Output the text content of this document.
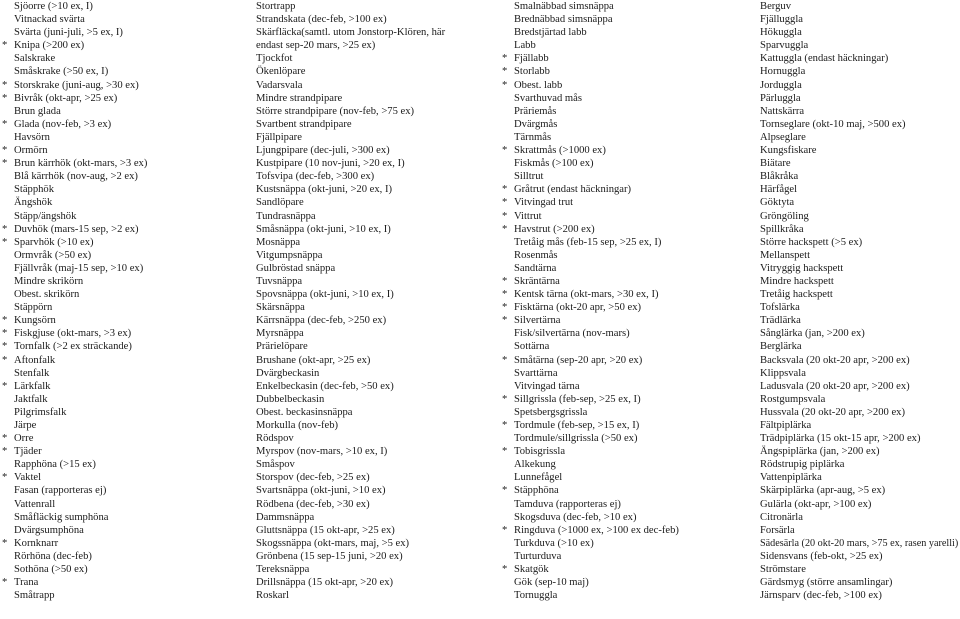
Sjöorre (>10 ex, I)
Vitnackad svärta
Svärta (juni-juli, >5 ex, I)
* Knipa (>200 ex)
Salskrake
Småskrake (>50 ex, I)
* Storskrake (juni-aug, >30 ex)
* Bivråk (okt-apr, >25 ex)
Brun glada
* Glada (nov-feb, >3 ex)
Havsörn
* Ormörn
* Brun kärrhök (okt-mars, >3 ex)
Blå kärrhök (nov-aug, >2 ex)
Stäpphök
Ängshök
Stäpp/ängshök
* Duvhök (mars-15 sep, >2 ex)
* Sparvhök (>10 ex)
Ormvråk (>50 ex)
Fjällvråk (maj-15 sep, >10 ex)
Mindre skrikörn
Obest. skrikörn
Stäppörn
* Kungsörn
* Fiskgjuse (okt-mars, >3 ex)
* Tornfalk (>2 ex sträckande)
* Aftonfalk
Stenfalk
* Lärkfalk
Jaktfalk
Pilgrimsfalk
Järpe
* Orre
* Tjäder
Rapphöna (>15 ex)
* Vaktel
Fasan (rapporteras ej)
Vattenrall
Småfläckig sumphöna
Dvärgsumphöna
* Kornknarr
Rörhöna (dec-feb)
Sothöna (>50 ex)
* Trana
Småtrapp
Stortrapp
Strandskata (dec-feb, >100 ex)
Skärfläcka(samtl. utom Jonstorp-Klören, här
endast sep-20 mars, >25 ex)
Tjockfot
Ökenlöpare
Vadarsvala
Mindre strandpipare
Större strandpipare (nov-feb, >75 ex)
Svartbent strandpipare
Fjällpipare
Ljungpipare (dec-juli, >300 ex)
Kustpipare (10 nov-juni, >20 ex, I)
Tofsvipa (dec-feb, >300 ex)
Kustsnäppa (okt-juni, >20 ex, I)
Sandlöpare
Tundrasnäppa
Småsnäppa (okt-juni, >10 ex, I)
Mosnäppa
Vitgumpsnäppa
Gulbröstad snäppa
Tuvsnäppa
Spovsnäppa (okt-juni, >10 ex, I)
Skärsnäppa
Kärrsnäppa (dec-feb, >250 ex)
Myrsnäppa
Prärielöpare
Brushane (okt-apr, >25 ex)
Dvärgbeckasin
Enkelbeckasin (dec-feb, >50 ex)
Dubbelbeckasin
Obest. beckasinsnäppa
Morkulla (nov-feb)
Rödspov
Myrspov (nov-mars, >10 ex, I)
Småspov
Storspov (dec-feb, >25 ex)
Svartsnäppa (okt-juni, >10 ex)
Rödbena (dec-feb, >30 ex)
Dammsnäppa
Gluttsnäppa (15 okt-apr, >25 ex)
Skogssnäppa (okt-mars, maj, >5 ex)
Grönbena (15 sep-15 juni, >20 ex)
Tereksnäppa
Drillsnäppa (15 okt-apr, >20 ex)
Roskarl
Smalnäbbad simsnäppa
Brednäbbad simsnäppa
Bredstjärtad labb
Labb
* Fjällabb
* Storlabb
* Obest. labb
Svarthuvad mås
Präriemås
Dvärgmås
Tärnmås
* Skrattmås (>1000 ex)
Fiskmås (>100 ex)
Silltrut
* Gråtrut (endast häckningar)
* Vitvingad trut
* Vittrut
* Havstrut (>200 ex)
Tretåig mås (feb-15 sep, >25 ex, I)
Rosenmås
Sandtärna
* Skräntärna
* Kentsk tärna (okt-mars, >30 ex, I)
* Fisktärna (okt-20 apr, >50 ex)
* Silvertärna
Fisk/silvertärna (nov-mars)
Sottärna
* Småtärna (sep-20 apr, >20 ex)
Svarttärna
Vitvingad tärna
* Sillgrissla (feb-sep, >25 ex, I)
Spetsbergsgrissla
* Tordmule (feb-sep, >15 ex, I)
Tordmule/sillgrissla (>50 ex)
* Tobisgrissla
Alkekung
Lunnefågel
* Stäpphöna
Tamduva (rapporteras ej)
Skogsduva (dec-feb, >10 ex)
* Ringduva (>1000 ex, >100 ex dec-feb)
Turkduva (>10 ex)
Turturduva
* Skatgök
Gök (sep-10 maj)
Tornuggla
Berguv
Fjälluggla
Hökuggla
Sparvuggla
Kattuggla (endast häckningar)
Hornuggla
Jorduggla
Pärluggla
Nattskärra
Tornseglare (okt-10 maj, >500 ex)
Alpseglare
Kungsfiskare
Biätare
Blåkråka
Härfågel
Göktyta
Gröngöling
Spillkråka
Större hackspett (>5 ex)
Mellanspett
Vitryggig hackspett
Mindre hackspett
Tretåig hackspett
Tofslärka
Trädlärka
Sånglärka (jan, >200 ex)
Berglärka
Backsvala (20 okt-20 apr, >200 ex)
Klippsvala
Ladusvala (20 okt-20 apr, >200 ex)
Rostgumpsvala
Hussvala (20 okt-20 apr, >200 ex)
Fältpiplärka
Trädpiplärka (15 okt-15 apr, >200 ex)
Ängspiplärka (jan, >200 ex)
Rödstrupig piplärka
Vattenpiplärka
Skärpiplärka (apr-aug, >5 ex)
Gulärla (okt-apr, >100 ex)
Citronärla
Forsärla
Sädesärla (20 okt-20 mars, >75 ex, rasen yarelli)
Sidensvans (feb-okt, >25 ex)
Strömstare
Gärdsmyg (större ansamlingar)
Järnsparv (dec-feb, >100 ex)
